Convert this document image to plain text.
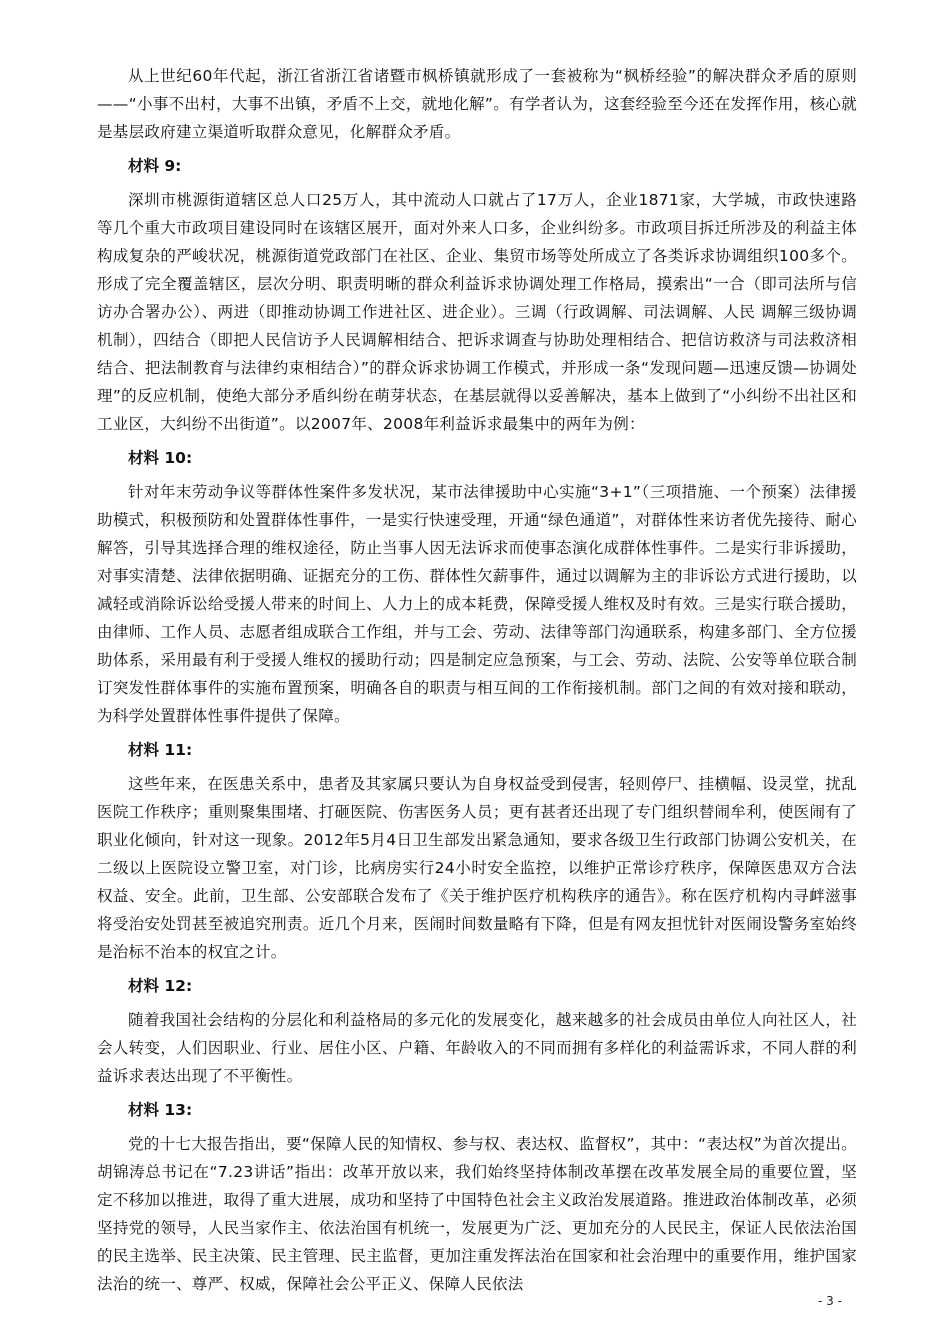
从上世纪60年代起，浙江省浙江省诸暨市枫桥镇就形成了一套被称为“枫桥经验”的解决群众矛盾的原则——“小事不出村，大事不出镇，矛盾不上交，就地化解”。有学者认为，这套经验至今还在发挥作用，核心就是基层政府建立渠道听取群众意见，化解群众矛盾。

材料 9:

深圳市桃源街道辖区总人口25万人，其中流动人口就占了17万人，企业1871家，大学城，市政快速路等几个重大市政项目建设同时在该辖区展开，面对外来人口多，企业纠纷多。市政项目拆迁所涉及的利益主体构成复杂的严峻状况，桃源街道党政部门在社区、企业、集贸市场等处所成立了各类诉求协调组织100多个。形成了完全覆盖辖区，层次分明、职责明晰的群众利益诉求协调处理工作格局，摸索出“一合（即司法所与信访办合署办公）、两进（即推动协调工作进社区、进企业）。三调（行政调解、司法调解、人民 调解三级协调机制），四结合（即把人民信访予人民调解相结合、把诉求调查与协助处理相结合、把信访救济与司法救济相结合、把法制教育与法律约束相结合）”的群众诉求协调工作模式，并形成一条“发现问题—迅速反馈—协调处理”的反应机制，使绝大部分矛盾纠纷在萌芽状态，在基层就得以妥善解决，基本上做到了“小纠纷不出社区和工业区，大纠纷不出街道”。以2007年、2008年利益诉求最集中的两年为例：

材料 10:

针对年末劳动争议等群体性案件多发状况，某市法律援助中心实施“3+1”（三项措施、一个预案）法律援助模式，积极预防和处置群体性事件，一是实行快速受理，开通“绿色通道”，对群体性来访者优先接待、耐心解答，引导其选择合理的维权途径，防止当事人因无法诉求而使事态演化成群体性事件。二是实行非诉援助，对事实清楚、法律依据明确、证据充分的工伤、群体性欠薪事件，通过以调解为主的非诉讼方式进行援助，以减轻或消除诉讼给受援人带来的时间上、人力上的成本耗费，保障受援人维权及时有效。三是实行联合援助，由律师、工作人员、志愿者组成联合工作组，并与工会、劳动、法律等部门沟通联系，构建多部门、全方位援助体系，采用最有利于受援人维权的援助行动；四是制定应急预案，与工会、劳动、法院、公安等单位联合制订突发性群体事件的实施布置预案，明确各自的职责与相互间的工作衔接机制。部门之间的有效对接和联动，为科学处置群体性事件提供了保障。

材料 11:

这些年来，在医患关系中，患者及其家属只要认为自身权益受到侵害，轻则停尸、挂横幅、设灵堂，扰乱医院工作秩序；重则聚集围堵、打砸医院、伤害医务人员；更有甚者还出现了专门组织替闹牟利，使医闹有了职业化倾向，针对这一现象。2012年5月4日卫生部发出紧急通知，要求各级卫生行政部门协调公安机关，在二级以上医院设立警卫室，对门诊，比病房实行24小时安全监控，以维护正常诊疗秩序，保障医患双方合法权益、安全。此前，卫生部、公安部联合发布了《关于维护医疗机构秩序的通告》。称在医疗机构内寻衅滋事将受治安处罚甚至被追究刑责。近几个月来，医闹时间数量略有下降，但是有网友担忧针对医闹设警务室始终是治标不治本的权宜之计。

材料 12:

随着我国社会结构的分层化和利益格局的多元化的发展变化，越来越多的社会成员由单位人向社区人，社会人转变，人们因职业、行业、居住小区、户籍、年龄收入的不同而拥有多样化的利益需诉求，不同人群的利益诉求表达出现了不平衡性。

材料 13:

党的十七大报告指出，要“保障人民的知情权、参与权、表达权、监督权”，其中：“表达权”为首次提出。胡锦涛总书记在“7.23讲话”指出：改革开放以来，我们始终坚持体制改革摆在改革发展全局的重要位置，坚定不移加以推进，取得了重大进展，成功和坚持了中国特色社会主义政治发展道路。推进政治体制改革，必须坚持党的领导，人民当家作主、依法治国有机统一，发展更为广泛、更加充分的人民民主，保证人民依法治国的民主选举、民主决策、民主管理、民主监督，更加注重发挥法治在国家和社会治理中的重要作用，维护国家法治的统一、尊严、权威，保障社会公平正义、保障人民依法

- 3 -
